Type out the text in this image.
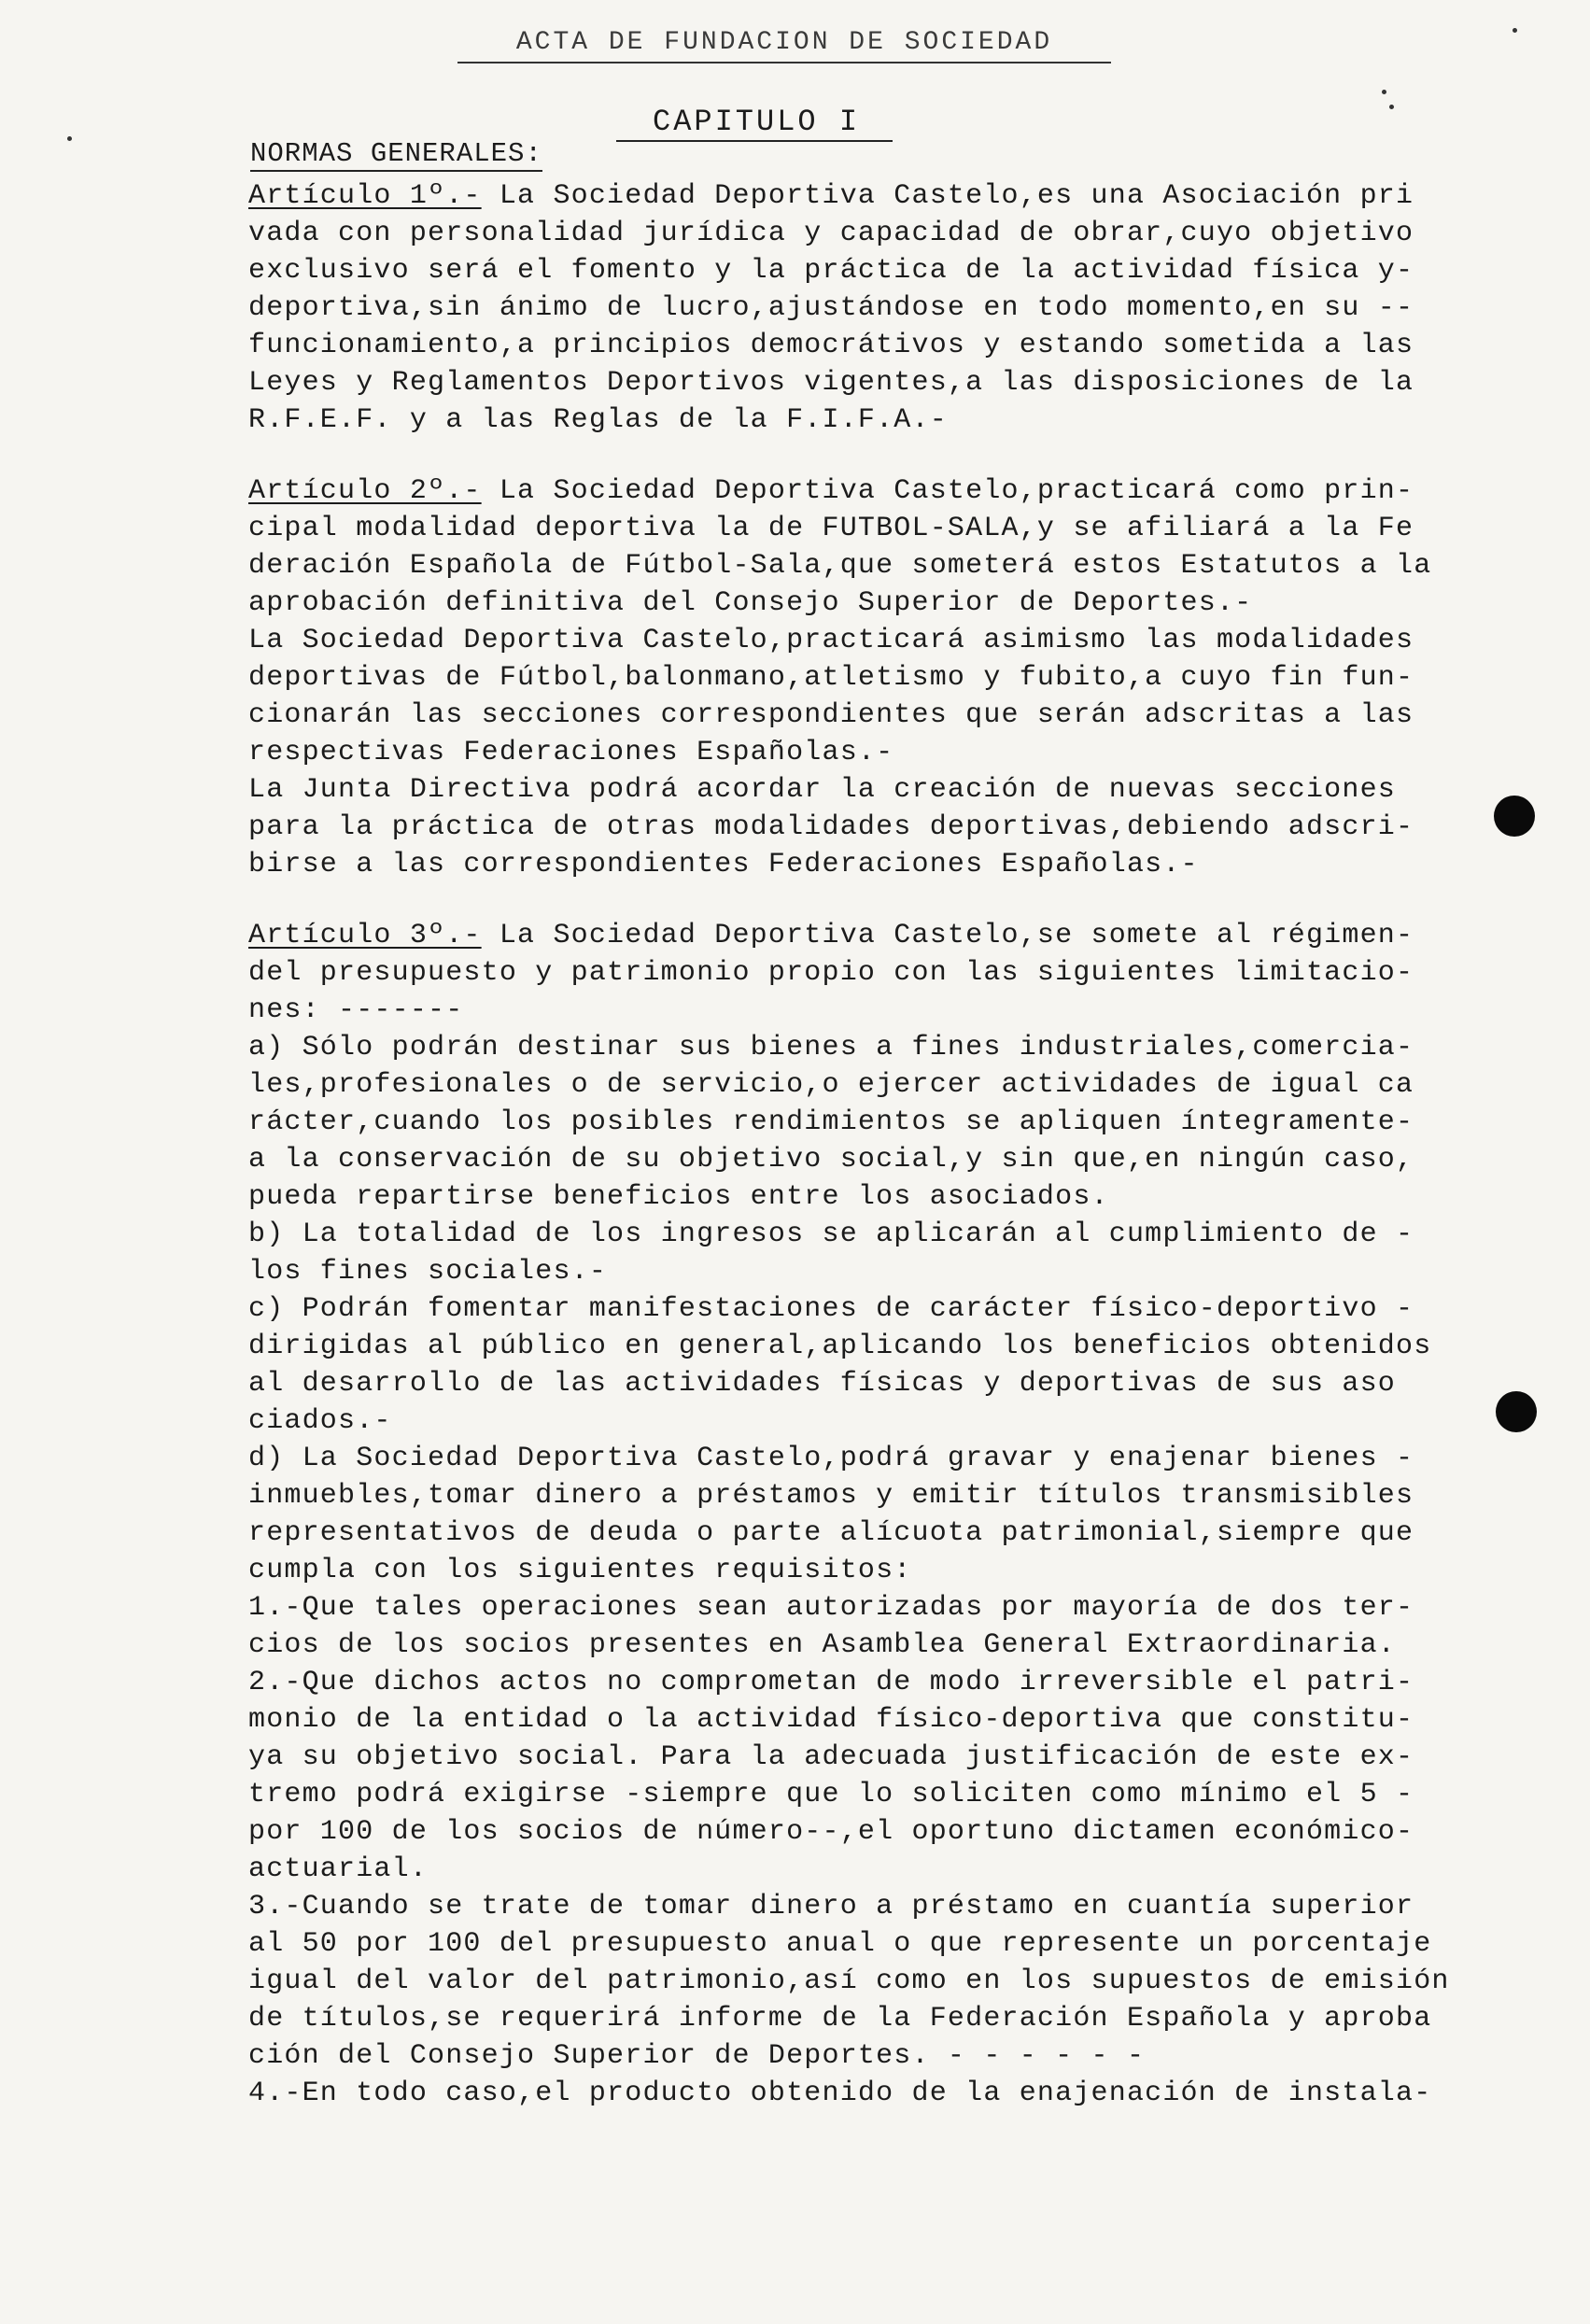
ACTA DE FUNDACION DE SOCIEDAD
CAPITULO I
NORMAS GENERALES:
Artículo 1º.- La Sociedad Deportiva Castelo,es una Asociación pri
vada con personalidad jurídica y capacidad de obrar,cuyo objetivo
exclusivo será el fomento y la práctica de la actividad física y-
deportiva,sin ánimo de lucro,ajustándose en todo momento,en su --
funcionamiento,a principios democrátivos y estando sometida a las
Leyes y Reglamentos Deportivos vigentes,a las disposiciones de la
R.F.E.F. y a las Reglas de la F.I.F.A.-
Artículo 2º.- La Sociedad Deportiva Castelo,practicará como prin-
cipal modalidad deportiva la de FUTBOL-SALA,y se afiliará a la Fe
deración Española de Fútbol-Sala,que someterá estos Estatutos a la
aprobación definitiva del Consejo Superior de Deportes.-
La Sociedad Deportiva Castelo,practicará asimismo las modalidades
deportivas de Fútbol,balonmano,atletismo y fubito,a cuyo fin fun-
cionarán las secciones correspondientes que serán adscritas a las
respectivas Federaciones Españolas.-
La Junta Directiva podrá acordar la creación de nuevas secciones
para la práctica de otras modalidades deportivas,debiendo adscri-
birse a las correspondientes Federaciones Españolas.-
Artículo 3º.- La Sociedad Deportiva Castelo,se somete al régimen-
del presupuesto y patrimonio propio con las siguientes limitacio-
nes: -------
a) Sólo podrán destinar sus bienes a fines industriales,comercia-
les,profesionales o de servicio,o ejercer actividades de igual ca
rácter,cuando los posibles rendimientos se apliquen íntegramente-
a la conservación de su objetivo social,y sin que,en ningún caso,
pueda repartirse beneficios entre los asociados.
b) La totalidad de los ingresos se aplicarán al cumplimiento de -
los fines sociales.-
c) Podrán fomentar manifestaciones de carácter físico-deportivo -
dirigidas al público en general,aplicando los beneficios obtenidos
al desarrollo de las actividades físicas y deportivas de sus aso
ciados.-
d) La Sociedad Deportiva Castelo,podrá gravar y enajenar bienes -
inmuebles,tomar dinero a préstamos y emitir títulos transmisibles
representativos de deuda o parte alícuota patrimonial,siempre que
cumpla con los siguientes requisitos:
1.-Que tales operaciones sean autorizadas por mayoría de dos ter-
cios de los socios presentes en Asamblea General Extraordinaria.
2.-Que dichos actos no comprometan de modo irreversible el patri-
monio de la entidad o la actividad físico-deportiva que constitu-
ya su objetivo social. Para la adecuada justificación de este ex-
tremo podrá exigirse -siempre que lo soliciten como mínimo el 5 -
por 100 de los socios de número--,el oportuno dictamen económico-
actuarial.
3.-Cuando se trate de tomar dinero a préstamo en cuantía superior
al 50 por 100 del presupuesto anual o que represente un porcentaje
igual del valor del patrimonio,así como en los supuestos de emisión
de títulos,se requerirá informe de la Federación Española y aproba
ción del Consejo Superior de Deportes. - - - - - -
4.-En todo caso,el producto obtenido de la enajenación de instala-
